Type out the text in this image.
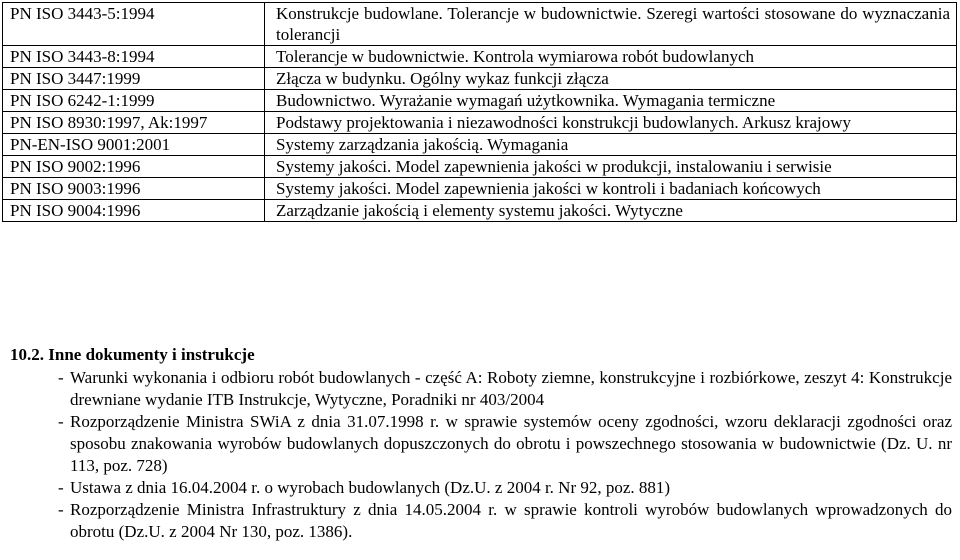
PN ISO 3443-5:1994	Konstrukcje budowlane. Tolerancje w budownictwie. Szeregi wartości stosowane do wyznaczania tolerancji
PN ISO 3443-8:1994	Tolerancje w budownictwie. Kontrola wymiarowa robót budowlanych
PN ISO 3447:1999	Złącza w budynku. Ogólny wykaz funkcji złącza
PN ISO 6242-1:1999	Budownictwo. Wyrażanie wymagań użytkownika. Wymagania termiczne
PN ISO 8930:1997, Ak:1997	Podstawy projektowania i niezawodności konstrukcji budowlanych. Arkusz krajowy
PN-EN-ISO 9001:2001	Systemy zarządzania jakością. Wymagania
PN ISO 9002:1996	Systemy jakości. Model zapewnienia jakości w produkcji, instalowaniu i serwisie
PN ISO 9003:1996	Systemy jakości. Model zapewnienia jakości w kontroli i badaniach końcowych
PN ISO 9004:1996	Zarządzanie jakością i elementy systemu jakości. Wytyczne
10.2. Inne dokumenty i instrukcje
- Warunki wykonania i odbioru robót budowlanych - część A: Roboty ziemne, konstrukcyjne i rozbiórkowe, zeszyt 4: Konstrukcje drewniane wydanie ITB Instrukcje, Wytyczne, Poradniki nr 403/2004
- Rozporządzenie Ministra SWiA z dnia 31.07.1998 r. w sprawie systemów oceny zgodności, wzoru deklaracji zgodności oraz sposobu znakowania wyrobów budowlanych dopuszczonych do obrotu i powszechnego stosowania w budownictwie (Dz. U. nr 113, poz. 728)
- Ustawa z dnia 16.04.2004 r. o wyrobach budowlanych (Dz.U. z 2004 r. Nr 92, poz. 881)
- Rozporządzenie Ministra Infrastruktury z dnia 14.05.2004 r. w sprawie kontroli wyrobów budowlanych wprowadzonych do obrotu (Dz.U. z 2004 Nr 130, poz. 1386).
